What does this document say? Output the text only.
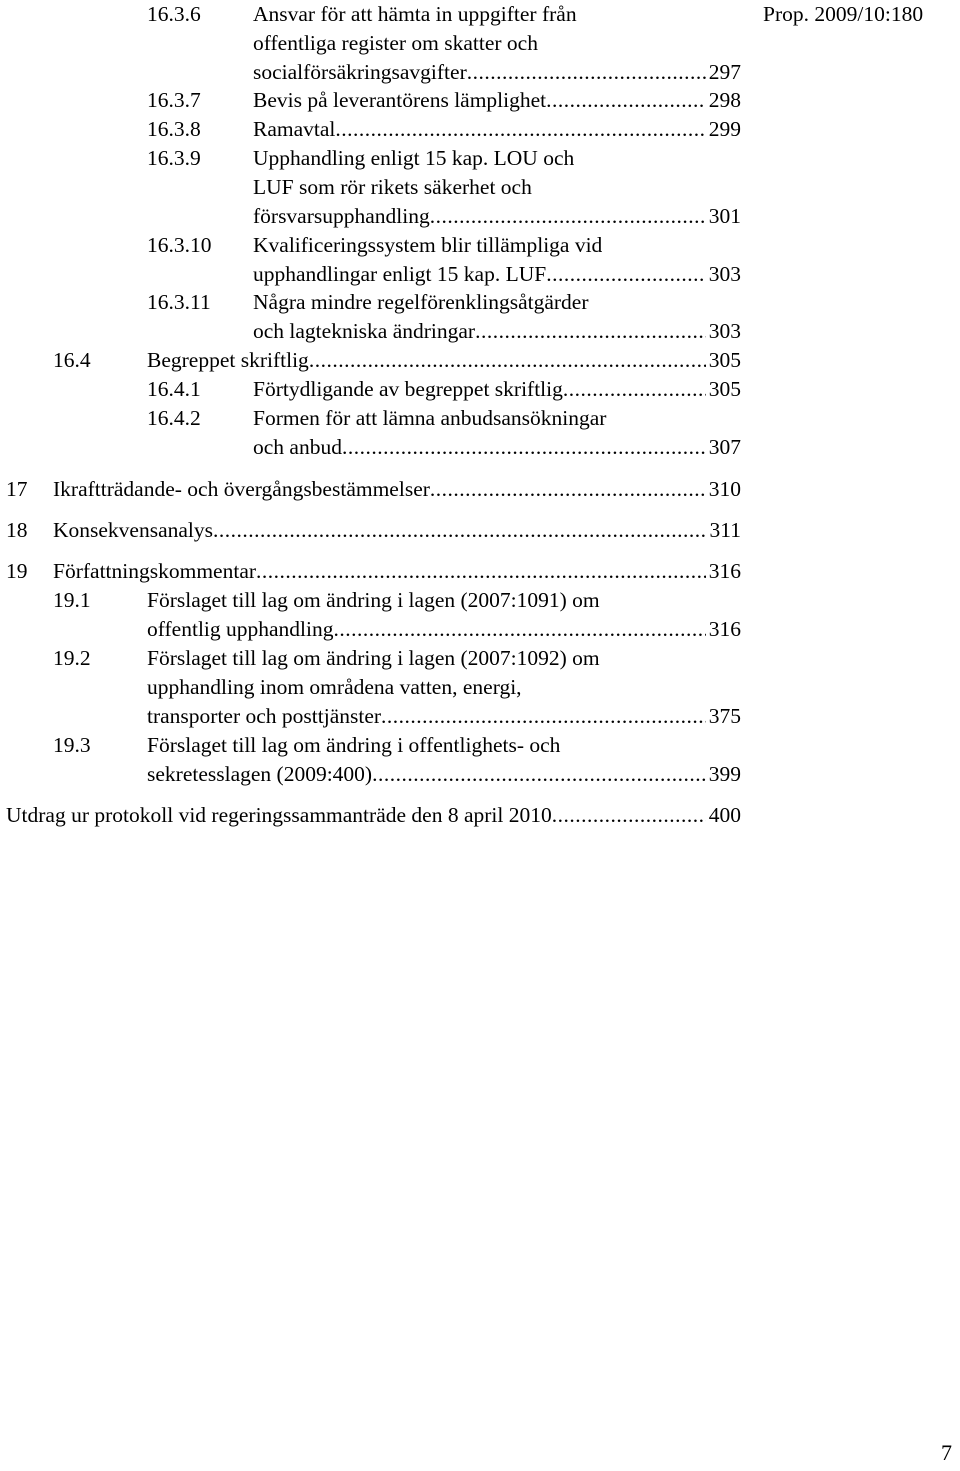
Prop. 2009/10:180
16.3.6 Ansvar för att hämta in uppgifter från
offentliga register om skatter och
socialförsäkringsavgifter .....	297
16.3.7 Bevis på leverantörens lämplighet .....	298
16.3.8 Ramavtal .....	299
16.3.9 Upphandling enligt 15 kap. LOU och
LUF som rör rikets säkerhet och
försvarsupphandling .....	301
16.3.10 Kvalificeringssystem blir tillämpliga vid
upphandlingar enligt 15 kap. LUF .....	303
16.3.11 Några mindre regelförenklingsåtgärder
och lagtekniska ändringar .....	303
16.4	Begreppet skriftlig .....	305
16.4.1 Förtydligande av begreppet skriftlig .....	305
16.4.2 Formen för att lämna anbudsansökningar
och anbud .....	307
17 Ikraftträdande- och övergångsbestämmelser .....	310
18 Konsekvensanalys .....	311
19 Författningskommentar .....	316
19.1	Förslaget till lag om ändring i lagen (2007:1091) om
offentlig upphandling .....	316
19.2	Förslaget till lag om ändring i lagen (2007:1092) om
upphandling inom områdena vatten, energi,
transporter och posttjänster .....	375
19.3	Förslaget till lag om ändring i offentlighets- och
sekretesslagen (2009:400) .....	399
Utdrag ur protokoll vid regeringssammanträde den 8 april 2010 .....	400
7
